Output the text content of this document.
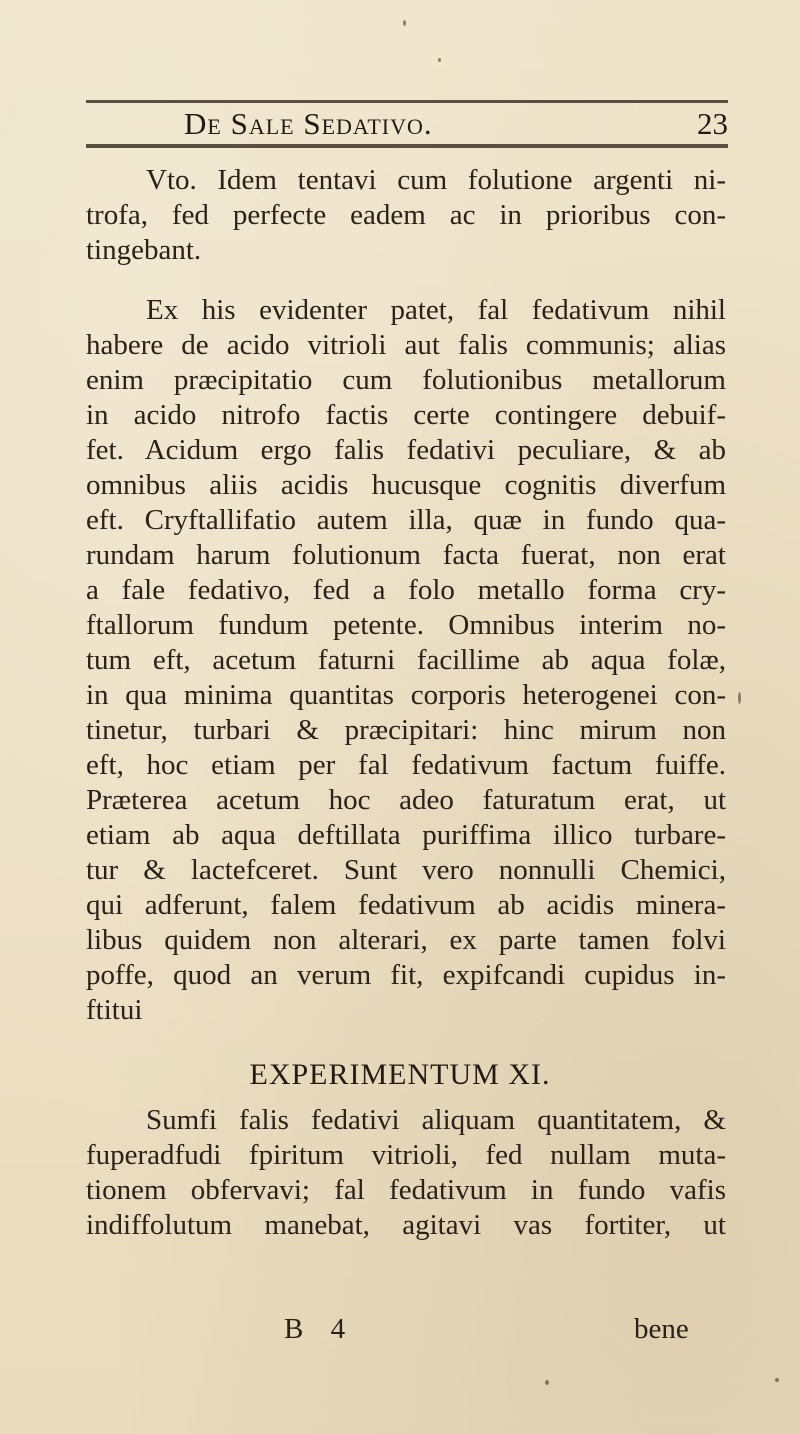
De Sale Sedativo.	23
Vto. Idem tentavi cum folutione argenti ni-
trofa, fed perfecte eadem ac in prioribus con-
tingebant.
Ex his evidenter patet, fal fedativum nihil
habere de acido vitrioli aut falis communis; alias
enim præcipitatio cum folutionibus metallorum
in acido nitrofo factis certe contingere debuif-
fet. Acidum ergo falis fedativi peculiare, & ab
omnibus aliis acidis hucusque cognitis diverfum
eft. Cryftallifatio autem illa, quæ in fundo qua-
rundam harum folutionum facta fuerat, non erat
a fale fedativo, fed a folo metallo forma cry-
ftallorum fundum petente. Omnibus interim no-
tum eft, acetum faturni facillime ab aqua folæ,
in qua minima quantitas corporis heterogenei con-
tinetur, turbari & præcipitari: hinc mirum non
eft, hoc etiam per fal fedativum factum fuiffe.
Præterea acetum hoc adeo faturatum erat, ut
etiam ab aqua deftillata puriffima illico turbare-
tur & lactefceret. Sunt vero nonnulli Chemici,
qui adferunt, falem fedativum ab acidis minera-
libus quidem non alterari, ex parte tamen folvi
poffe, quod an verum fit, expifcandi cupidus in-
ftitui
EXPERIMENTUM XI.
Sumfi falis fedativi aliquam quantitatem, &
fuperadfudi fpiritum vitrioli, fed nullam muta-
tionem obfervavi; fal fedativum in fundo vafis
indiffolutum manebat, agitavi vas fortiter, ut
B 4	bene
